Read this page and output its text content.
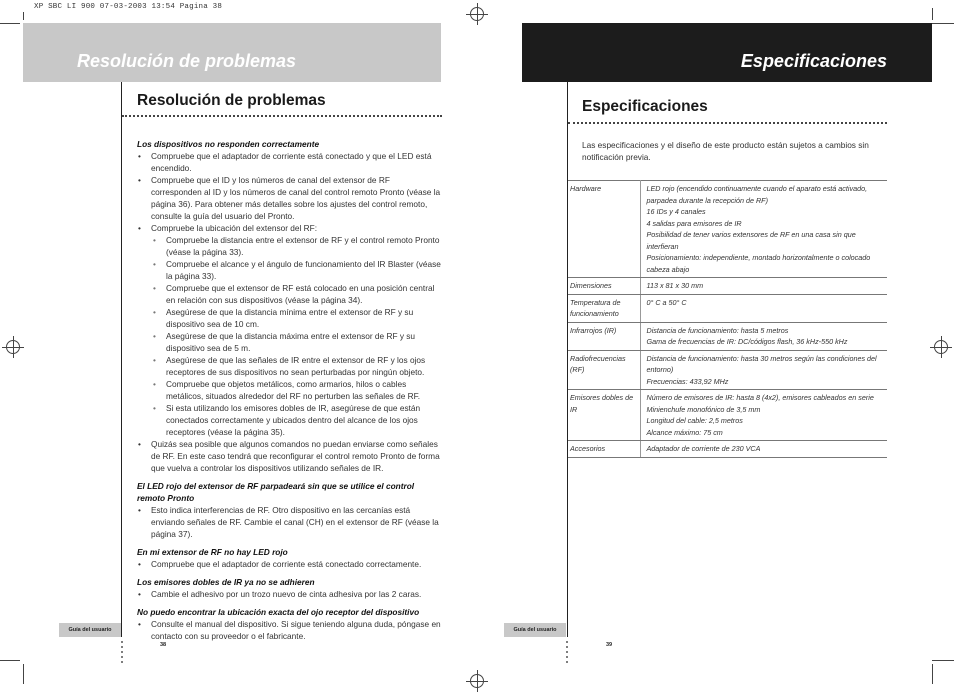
XP SBC LI 900 07-03-2003 13:54 Pagina 38
Resolución de problemas
Resolución de problemas
Los dispositivos no responden correctamente
• Compruebe que el adaptador de corriente está conectado y que el LED está encendido.
• Compruebe que el ID y los números de canal del extensor de RF corresponden al ID y los números de canal del control remoto Pronto (véase la página 36). Para obtener más detalles sobre los ajustes del control remoto, consulte la guía del usuario del Pronto.
• Compruebe la ubicación del extensor del RF:
• Compruebe la distancia entre el extensor de RF y el control remoto Pronto (véase la página 33).
• Compruebe el alcance y el ángulo de funcionamiento del IR Blaster (véase la página 33).
• Compruebe que el extensor de RF está colocado en una posición central en relación con sus dispositivos (véase la página 34).
• Asegúrese de que la distancia mínima entre el extensor de RF y su dispositivo sea de 10 cm.
• Asegúrese de que la distancia máxima entre el extensor de RF y su dispositivo sea de 5 m.
• Asegúrese de que las señales de IR entre el extensor de RF y los ojos receptores de sus dispositivos no sean perturbadas por ningún objeto.
• Compruebe que objetos metálicos, como armarios, hilos o cables metálicos, situados alrededor del RF no perturben las señales de RF.
• Si esta utilizando los emisores dobles de IR, asegúrese de que están conectados correctamente y ubicados dentro del alcance de los ojos receptores (véase la página 35).
• Quizás sea posible que algunos comandos no puedan enviarse como señales de RF. En este caso tendrá que reconfigurar el control remoto Pronto de forma que vuelva a controlar los dispositivos utilizando señales de IR.
El LED rojo del extensor de RF parpadeará sin que se utilice el control remoto Pronto
• Esto indica interferencias de RF. Otro dispositivo en las cercanías está enviando señales de RF. Cambie el canal (CH) en el extensor de RF (véase la página 37).
En mi extensor de RF no hay LED rojo
• Compruebe que el adaptador de corriente está conectado correctamente.
Los emisores dobles de IR ya no se adhieren
• Cambie el adhesivo por un trozo nuevo de cinta adhesiva por las 2 caras.
No puedo encontrar la ubicación exacta del ojo receptor del dispositivo
• Consulte el manual del dispositivo. Si sigue teniendo alguna duda, póngase en contacto con su proveedor o el fabricante.
Guía del usuario
38
Especificaciones
Especificaciones
Las especificaciones y el diseño de este producto están sujetos a cambios sin notificación previa.
Hardware	LED rojo (encendido continuamente cuando el aparato está activado, parpadea durante la recepción de RF)
16 IDs y 4 canales
4 salidas para emisores de IR
Posibilidad de tener varios extensores de RF en una casa sin que interfieran
Posicionamiento: independiente, montado horizontalmente o colocado cabeza abajo

Dimensiones	113 x 81 x 30 mm

Temperatura de funcionamiento	0° C a 50° C

Infrarrojos (IR)	Distancia de funcionamiento: hasta 5 metros
Gama de frecuencias de IR: DC/códigos flash, 36 kHz-550 kHz

Radiofrecuencias (RF)	Distancia de funcionamiento: hasta 30 metros según las condiciones del entorno)
Frecuencias: 433,92 MHz

Emisores dobles de IR	Número de emisores de IR: hasta 8 (4x2), emisores cableados en serie
Minienchufe monofónico de 3,5 mm
Longitud del cable: 2,5 metros
Alcance máximo: 75 cm

Accesorios	Adaptador de corriente de 230 VCA
Guía del usuario
39
